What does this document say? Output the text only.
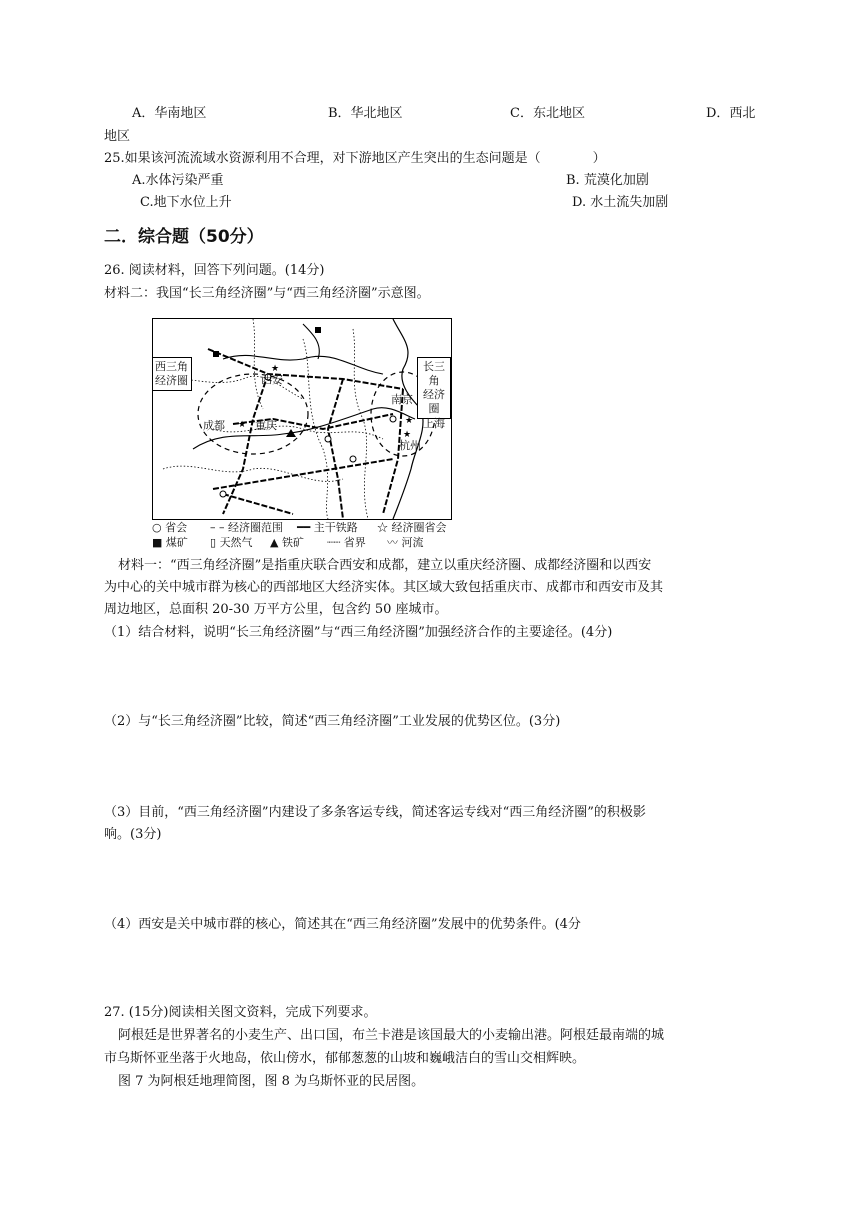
A．华南地区	B．华北地区	C．东北地区	D．西北
地区
25.如果该河流流域水资源利用不合理，对下游地区产生突出的生态问题是（　　　　）
A.水体污染严重	B. 荒漠化加剧
C.地下水位上升	D. 水土流失加剧
二．综合题（50分）
26. 阅读材料，回答下列问题。(14分)
材料二：我国“长三角经济圈”与“西三角经济圈”示意图。
★
★	★
★
西三角
经济圈
长三角
经济圈
西安
成都	重庆
南京
上海
杭州
○ 省会 – – 经济圈范围 ━━ 主干铁路 ☆ 经济圈省会
■ 煤矿 ▯ 天然气 ▲ 铁矿 ┈┈ 省界 〰 河流
材料一：“西三角经济圈”是指重庆联合西安和成都，建立以重庆经济圈、成都经济圈和以西安
为中心的关中城市群为核心的西部地区大经济实体。其区域大致包括重庆市、成都市和西安市及其
周边地区，总面积 20-30 万平方公里，包含约 50 座城市。
（1）结合材料，说明“长三角经济圈”与“西三角经济圈”加强经济合作的主要途径。(4分)
（2）与“长三角经济圈”比较，简述“西三角经济圈”工业发展的优势区位。(3分)
（3）目前，“西三角经济圈”内建设了多条客运专线，简述客运专线对“西三角经济圈”的积极影
响。(3分)
（4）西安是关中城市群的核心，简述其在“西三角经济圈”发展中的优势条件。(4分
27. (15分)阅读相关图文资料，完成下列要求。
阿根廷是世界著名的小麦生产、出口国，布兰卡港是该国最大的小麦输出港。阿根廷最南端的城
市乌斯怀亚坐落于火地岛，依山傍水，郁郁葱葱的山坡和巍峨洁白的雪山交相辉映。
图 7 为阿根廷地理简图，图 8 为乌斯怀亚的民居图。
